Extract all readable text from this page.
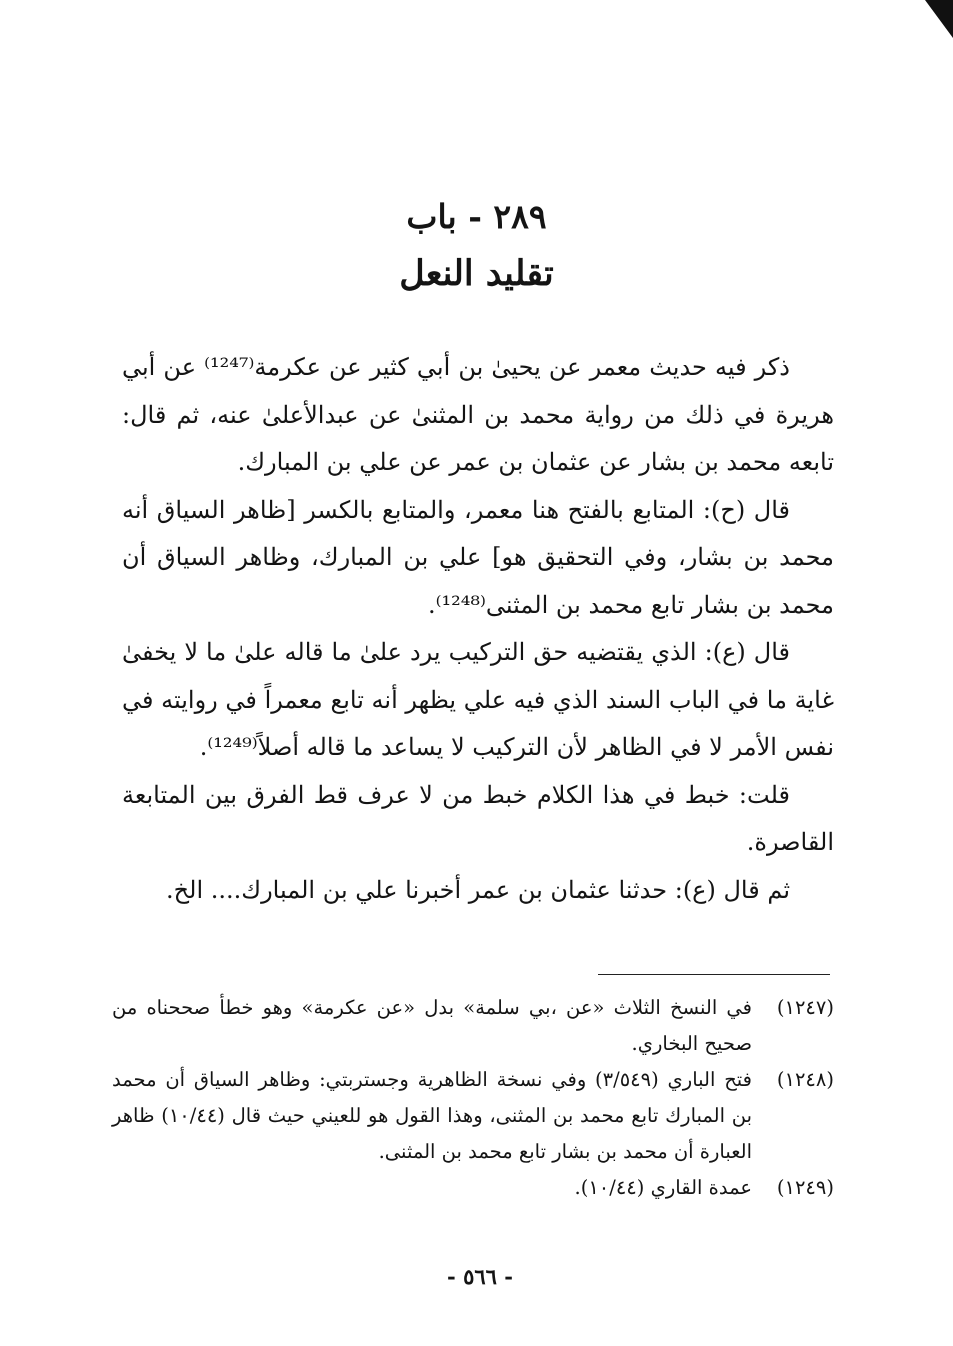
٢٨٩ - باب
تقليد النعل

ذكر فيه حديث معمر عن يحيىٰ بن أبي كثير عن عكرمة⁽¹²⁴⁷⁾ عن أبي هريرة في ذلك من رواية محمد بن المثنىٰ عن عبدالأعلىٰ عنه، ثم قال: تابعه محمد بن بشار عن عثمان بن عمر عن علي بن المبارك.

قال (ح): المتابع بالفتح هنا معمر، والمتابع بالكسر [ظاهر السياق أنه محمد بن بشار، وفي التحقيق هو] علي بن المبارك، وظاهر السياق أن محمد بن بشار تابع محمد بن المثنى⁽¹²⁴⁸⁾.

قال (ع): الذي يقتضيه حق التركيب يرد علىٰ ما قاله علىٰ ما لا يخفىٰ غاية ما في الباب السند الذي فيه علي يظهر أنه تابع معمراً في روايته في نفس الأمر لا في الظاهر لأن التركيب لا يساعد ما قاله أصلاً⁽¹²⁴⁹⁾.

قلت: خبط في هذا الكلام خبط من لا عرف قط الفرق بين المتابعة القاصرة.

ثم قال (ع): حدثنا عثمان بن عمر أخبرنا علي بن المبارك.... الخ.

(١٢٤٧)
في النسخ الثلاث «عن ،بي سلمة» بدل «عن عكرمة» وهو خطأ صححناه من صحيح البخاري.
(١٢٤٨)
فتح الباري (٣/٥٤٩) وفي نسخة الظاهرية وجستربتي: وظاهر السياق أن محمد بن المبارك تابع محمد بن المثنى، وهذا القول هو للعيني حيث قال (١٠/٤٤) ظاهر العبارة أن محمد بن بشار تابع محمد بن المثنى.
(١٢٤٩)
عمدة القاري (١٠/٤٤).
- ٥٦٦ -
